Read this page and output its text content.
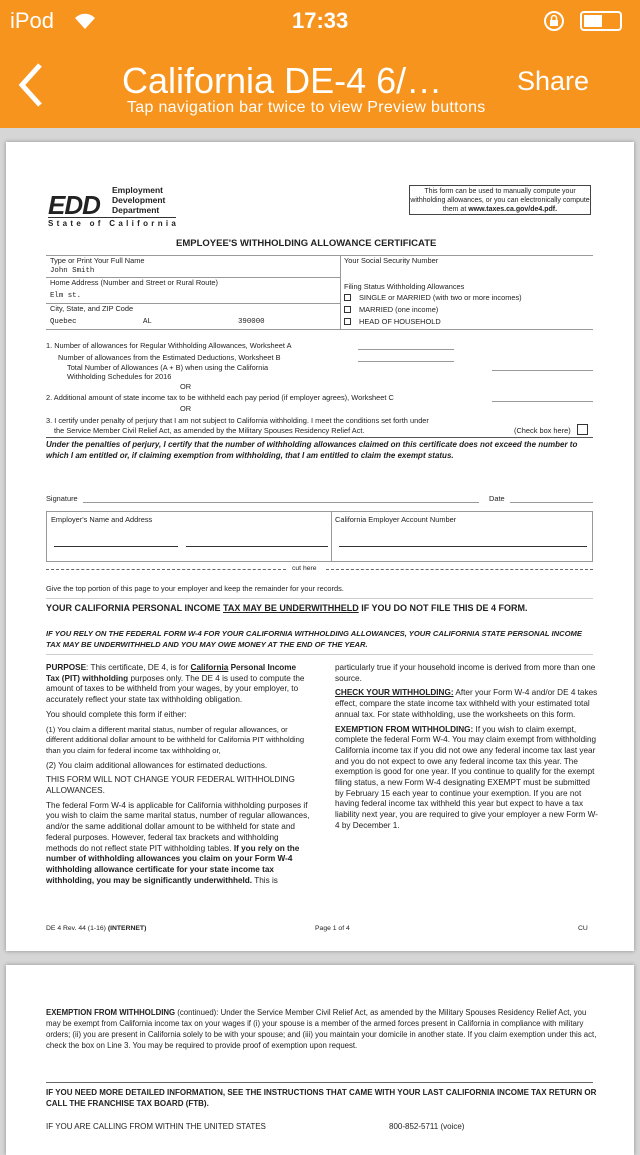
iPod	17:33
California DE-4 6/…	Share
Tap navigation bar twice to view Preview buttons
EDD Employment
Development
Department
State of California
This form can be used to manually compute your withholding allowances, or you can electronically compute them at www.taxes.ca.gov/de4.pdf.
EMPLOYEE'S WITHHOLDING ALLOWANCE CERTIFICATE
Type or Print Your Full Name
John Smith
Your Social Security Number
Home Address (Number and Street or Rural Route)
Elm st.
Filing Status Withholding Allowances
SINGLE or MARRIED (with two or more incomes)
MARRIED (one income)
HEAD OF HOUSEHOLD
City, State, and ZIP Code
Quebec	AL	390000
1. Number of allowances for Regular Withholding Allowances, Worksheet A
Number of allowances from the Estimated Deductions, Worksheet B
Total Number of Allowances (A + B) when using the California
Withholding Schedules for 2016
OR
2. Additional amount of state income tax to be withheld each pay period (if employer agrees), Worksheet C
OR
3. I certify under penalty of perjury that I am not subject to California withholding. I meet the conditions set forth under
the Service Member Civil Relief Act, as amended by the Military Spouses Residency Relief Act.	(Check box here)
Under the penalties of perjury, I certify that the number of withholding allowances claimed on this certificate does not exceed the number to which I am entitled or, if claiming exemption from withholding, that I am entitled to claim the exempt status.
Signature	Date
Employer's Name and Address	California Employer Account Number
cut here
Give the top portion of this page to your employer and keep the remainder for your records.
YOUR CALIFORNIA PERSONAL INCOME TAX MAY BE UNDERWITHHELD IF YOU DO NOT FILE THIS DE 4 FORM.
IF YOU RELY ON THE FEDERAL FORM W-4 FOR YOUR CALIFORNIA WITHHOLDING ALLOWANCES, YOUR CALIFORNIA STATE PERSONAL INCOME TAX MAY BE UNDERWITHHELD AND YOU MAY OWE MONEY AT THE END OF THE YEAR.
PURPOSE: This certificate, DE 4, is for California Personal Income Tax (PIT) withholding purposes only. The DE 4 is used to compute the amount of taxes to be withheld from your wages, by your employer, to accurately reflect your state tax withholding obligation.
You should complete this form if either:
(1) You claim a different marital status, number of regular allowances, or different additional dollar amount to be withheld for California PIT withholding than you claim for federal income tax withholding or,
(2) You claim additional allowances for estimated deductions.
THIS FORM WILL NOT CHANGE YOUR FEDERAL WITHHOLDING ALLOWANCES.
The federal Form W-4 is applicable for California withholding purposes if you wish to claim the same marital status, number of regular allowances, and/or the same additional dollar amount to be withheld for state and federal purposes. However, federal tax brackets and withholding methods do not reflect state PIT withholding tables. If you rely on the number of withholding allowances you claim on your Form W-4 withholding allowance certificate for your state income tax withholding, you may be significantly underwithheld. This is particularly true if your household income is derived from more than one source.
CHECK YOUR WITHHOLDING: After your Form W-4 and/or DE 4 takes effect, compare the state income tax withheld with your estimated total annual tax. For state withholding, use the worksheets on this form.
EXEMPTION FROM WITHHOLDING: If you wish to claim exempt, complete the federal Form W-4. You may claim exempt from withholding California income tax if you did not owe any federal income tax last year and you do not expect to owe any federal income tax this year. The exemption is good for one year. If you continue to qualify for the exempt filing status, a new Form W-4 designating EXEMPT must be submitted by February 15 each year to continue your exemption. If you are not having federal income tax withheld this year but expect to have a tax liability next year, you are required to give your employer a new Form W-4 by December 1.
DE 4 Rev. 44 (1-16) (INTERNET)	Page 1 of 4	CU
EXEMPTION FROM WITHHOLDING (continued): Under the Service Member Civil Relief Act, as amended by the Military Spouses Residency Relief Act, you may be exempt from California income tax on your wages if (i) your spouse is a member of the armed forces present in California in compliance with military orders; (ii) you are present in California solely to be with your spouse; and (iii) you maintain your domicile in another state. If you claim exemption under this act, check the box on Line 3. You may be required to provide proof of exemption upon request.
IF YOU NEED MORE DETAILED INFORMATION, SEE THE INSTRUCTIONS THAT CAME WITH YOUR LAST CALIFORNIA INCOME TAX RETURN OR CALL THE FRANCHISE TAX BOARD (FTB).
IF YOU ARE CALLING FROM WITHIN THE UNITED STATES	800-852-5711 (voice)
